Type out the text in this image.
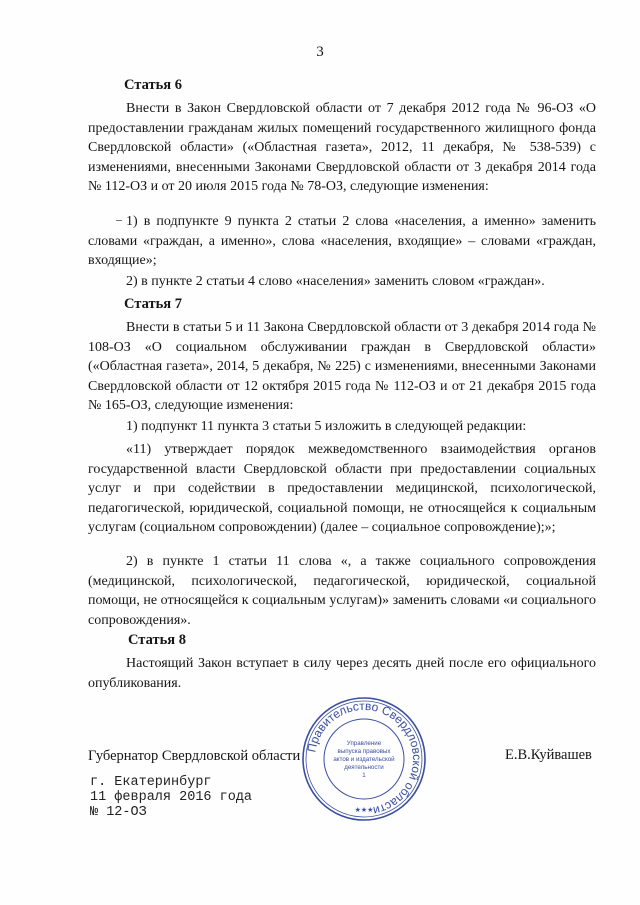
3
Статья 6
Внести в Закон Свердловской области от 7 декабря 2012 года № 96-ОЗ «О предоставлении гражданам жилых помещений государственного жилищного фонда Свердловской области» («Областная газета», 2012, 11 декабря, № 538-539) с изменениями, внесенными Законами Свердловской области от 3 декабря 2014 года № 112-ОЗ и от 20 июля 2015 года № 78-ОЗ, следующие изменения:
– 1) в подпункте 9 пункта 2 статьи 2 слова «населения, а именно» заменить словами «граждан, а именно», слова «населения, входящие» – словами «граждан, входящие»;
2) в пункте 2 статьи 4 слово «населения» заменить словом «граждан».
Статья 7
Внести в статьи 5 и 11 Закона Свердловской области от 3 декабря 2014 года № 108-ОЗ «О социальном обслуживании граждан в Свердловской области» («Областная газета», 2014, 5 декабря, № 225) с изменениями, внесенными Законами Свердловской области от 12 октября 2015 года № 112-ОЗ и от 21 декабря 2015 года № 165-ОЗ, следующие изменения:
1) подпункт 11 пункта 3 статьи 5 изложить в следующей редакции:
«11) утверждает порядок межведомственного взаимодействия органов государственной власти Свердловской области при предоставлении социальных услуг и при содействии в предоставлении медицинской, психологической, педагогической, юридической, социальной помощи, не относящейся к социальным услугам (социальном сопровождении) (далее – социальное сопровождение);»;
2) в пункте 1 статьи 11 слова «, а также социального сопровождения (медицинской, психологической, педагогической, юридической, социальной помощи, не относящейся к социальным услугам)» заменить словами «и социального сопровождения».
Статья 8
Настоящий Закон вступает в силу через десять дней после его официального опубликования.
Правительство Свердловской области
Управление
выпуска правовых
актов и издательской
деятельности
1
★★★
Губернатор Свердловской области	Е.В.Куйвашев
г. Екатеринбург
11 февраля 2016 года
№ 12-ОЗ
